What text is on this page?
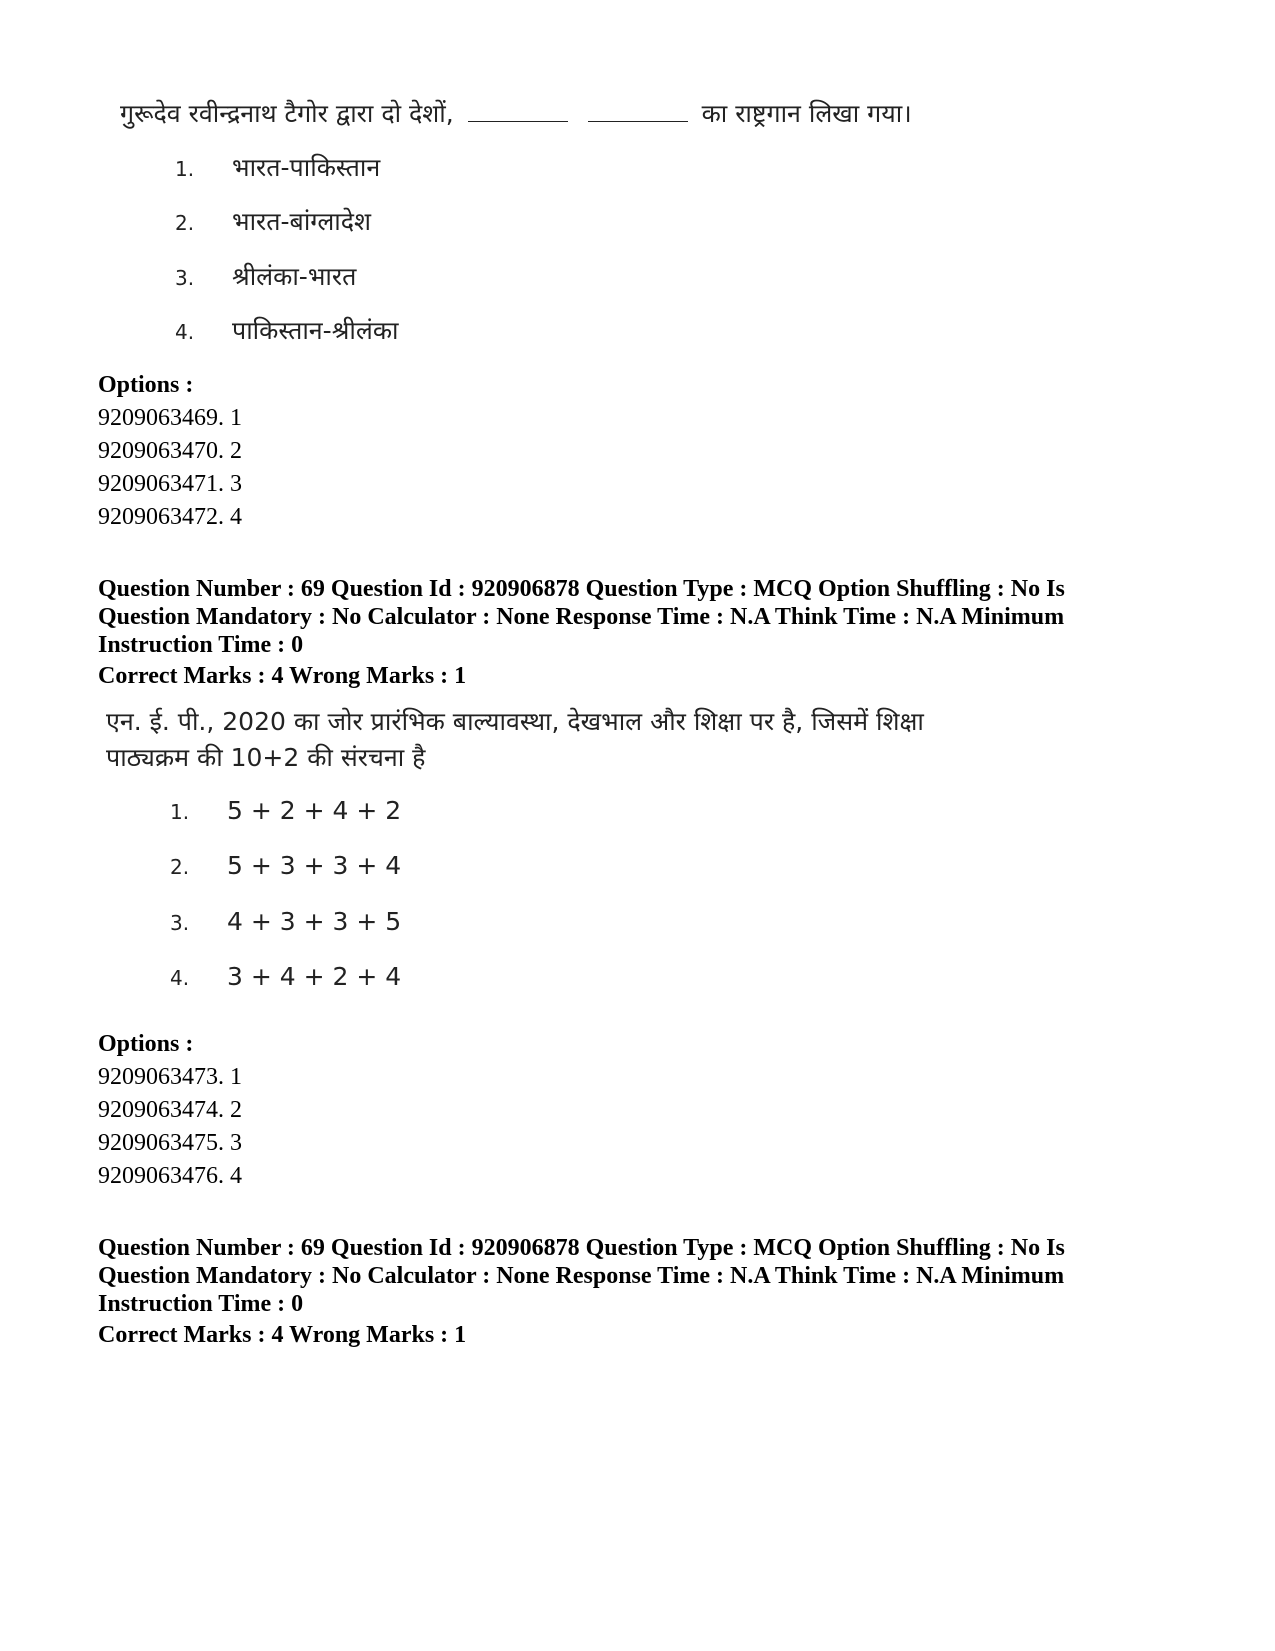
गुरूदेव रवीन्द्रनाथ टैगोर द्वारा दो देशों,	का राष्ट्रगान लिखा गया।
1. भारत-पाकिस्तान
2. भारत-बांग्लादेश
3. श्रीलंका-भारत
4. पाकिस्तान-श्रीलंका
Options :
9209063469. 1
9209063470. 2
9209063471. 3
9209063472. 4
Question Number : 69 Question Id : 920906878 Question Type : MCQ Option Shuffling : No Is
Question Mandatory : No Calculator : None Response Time : N.A Think Time : N.A Minimum
Instruction Time : 0
Correct Marks : 4 Wrong Marks : 1
एन. ई. पी., 2020 का जोर प्रारंभिक बाल्यावस्था, देखभाल और शिक्षा पर है, जिसमें शिक्षा
पाठ्यक्रम की 10+2 की संरचना है
1. 5 + 2 + 4 + 2
2. 5 + 3 + 3 + 4
3. 4 + 3 + 3 + 5
4. 3 + 4 + 2 + 4
Options :
9209063473. 1
9209063474. 2
9209063475. 3
9209063476. 4
Question Number : 69 Question Id : 920906878 Question Type : MCQ Option Shuffling : No Is
Question Mandatory : No Calculator : None Response Time : N.A Think Time : N.A Minimum
Instruction Time : 0
Correct Marks : 4 Wrong Marks : 1
